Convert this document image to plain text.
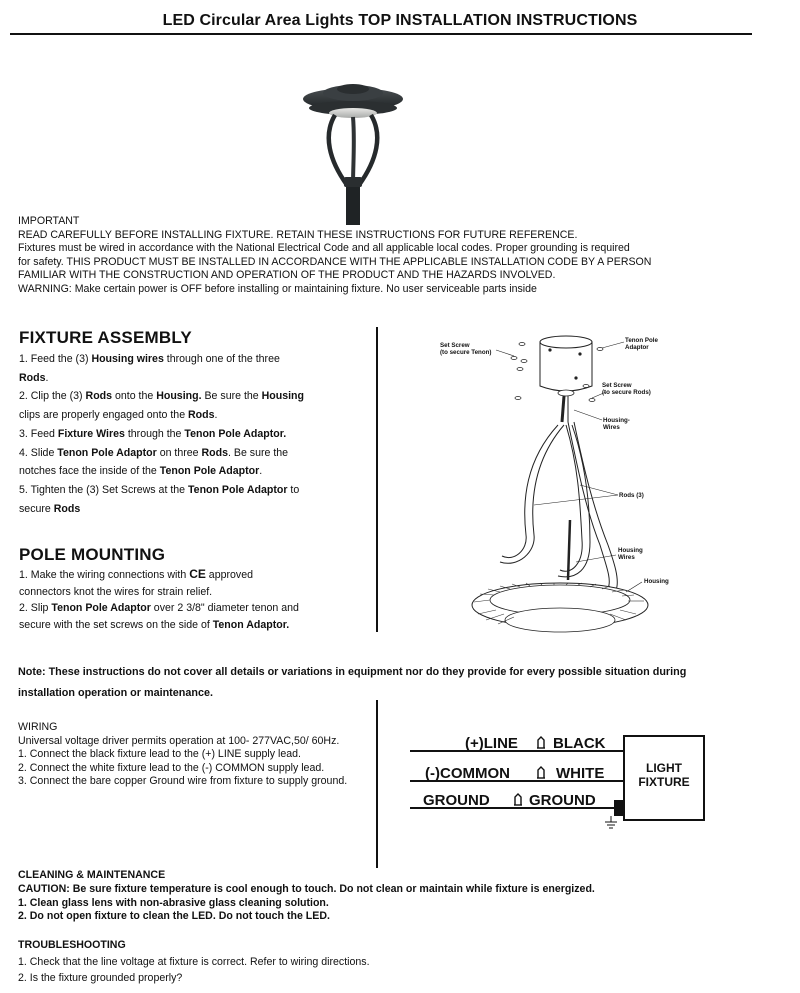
LED Circular Area Lights TOP INSTALLATION INSTRUCTIONS
IMPORTANT
READ CAREFULLY BEFORE INSTALLING FIXTURE. RETAIN THESE INSTRUCTIONS FOR FUTURE REFERENCE.
Fixtures must be wired in accordance with the National Electrical Code and all applicable local codes. Proper grounding is required
for safety. THIS PRODUCT MUST BE INSTALLED IN ACCORDANCE WITH THE APPLICABLE INSTALLATION CODE BY A PERSON
FAMILIAR WITH THE CONSTRUCTION AND OPERATION OF THE PRODUCT AND THE HAZARDS INVOLVED.
WARNING: Make certain power is OFF before installing or maintaining fixture. No user serviceable parts inside
FIXTURE ASSEMBLY
1. Feed the (3) Housing wires through one of the three
Rods.
2. Clip the (3) Rods onto the Housing. Be sure the Housing
clips are properly engaged onto the Rods.
3. Feed Fixture Wires through the Tenon Pole Adaptor.
4. Slide Tenon Pole Adaptor on three Rods. Be sure the
notches face the inside of the Tenon Pole Adaptor.
5. Tighten the (3) Set Screws at the Tenon Pole Adaptor to
secure Rods
POLE MOUNTING
1. Make the wiring connections with CE approved
connectors knot the wires for strain relief.
2. Slip Tenon Pole Adaptor over 2 3/8" diameter tenon and
secure with the set screws on the side of Tenon Adaptor.
Set Screw
(to secure Tenon)
Tenon Pole
Adaptor
Set Screw
(to secure Rods)
Housing-
Wires
Rods (3)
Housing
Wires
Housing
Note: These instructions do not cover all details or variations in equipment nor do they provide for every possible situation during
installation operation or maintenance.
WIRING
Universal voltage driver permits operation at 100- 277VAC,50/ 60Hz.
1. Connect the black fixture lead to the (+) LINE supply lead.
2. Connect the white fixture lead to the (-) COMMON supply lead.
3. Connect the bare copper Ground wire from fixture to supply ground.
(+)LINE BLACK
(-)COMMON	WHITE
GROUND	GROUND
LIGHT
FIXTURE
CLEANING & MAINTENANCE
CAUTION: Be sure fixture temperature is cool enough to touch. Do not clean or maintain while fixture is energized.
1. Clean glass lens with non-abrasive glass cleaning solution.
2. Do not open fixture to clean the LED. Do not touch the LED.
TROUBLESHOOTING
1. Check that the line voltage at fixture is correct. Refer to wiring directions.
2. Is the fixture grounded properly?
